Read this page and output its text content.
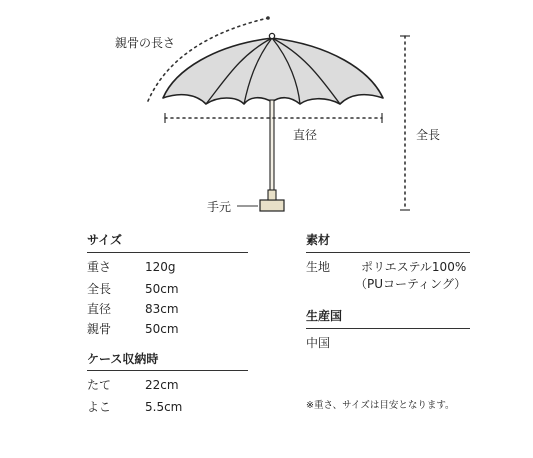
親骨の長さ
直径	全長
手元
サイズ
重さ	120g
全長	50cm
直径	83cm
親骨	50cm
ケース収納時
たて	22cm
よこ	5.5cm
素材
生地	ポリエステル100%
（PUコーティング）
生産国
中国
※重さ、サイズは目安となります。
